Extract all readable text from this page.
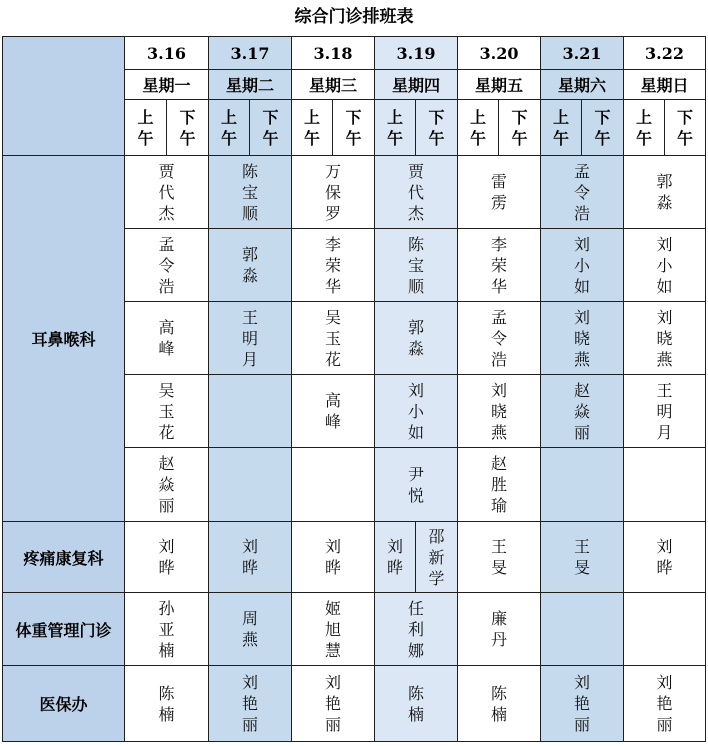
综合门诊排班表
	3.16		3.17		3.18		3.19		3.20		3.21		3.22	
	星期一		星期二		星期三		星期四		星期五		星期六		星期日	

	上
午	下
午	上
午	下
午	上
午	下
午	上
午	下
午	上
午	下
午	上
午	下
午	上
午	下
午

耳鼻喉科	贾
代
杰		陈
宝
顺		万
保
罗		贾
代
杰		雷
雳		孟
令
浩		郭
淼	

	孟
令
浩		郭
淼		李
荣
华		陈
宝
顺		李
荣
华		刘
小
如		刘
小
如	

	高
峰		王
明
月		吴
玉
花		郭
淼		孟
令
浩		刘
晓
燕		刘
晓
燕	

	吴
玉
花				高
峰		刘
小
如		刘
晓
燕		赵
焱
丽		王
明
月	

	赵
焱
丽						尹
悦		赵
胜
瑜					

疼痛康复科	刘
晔		刘
晔		刘
晔		刘
晔	邵
新
学	王
旻		王
旻		刘
晔	

体重管理门诊	孙
亚
楠		周
燕		姬
旭
慧		任
利
娜		廉
丹					

医保办	陈
楠		刘
艳
丽		刘
艳
丽		陈
楠		陈
楠		刘
艳
丽		刘
艳
丽	
